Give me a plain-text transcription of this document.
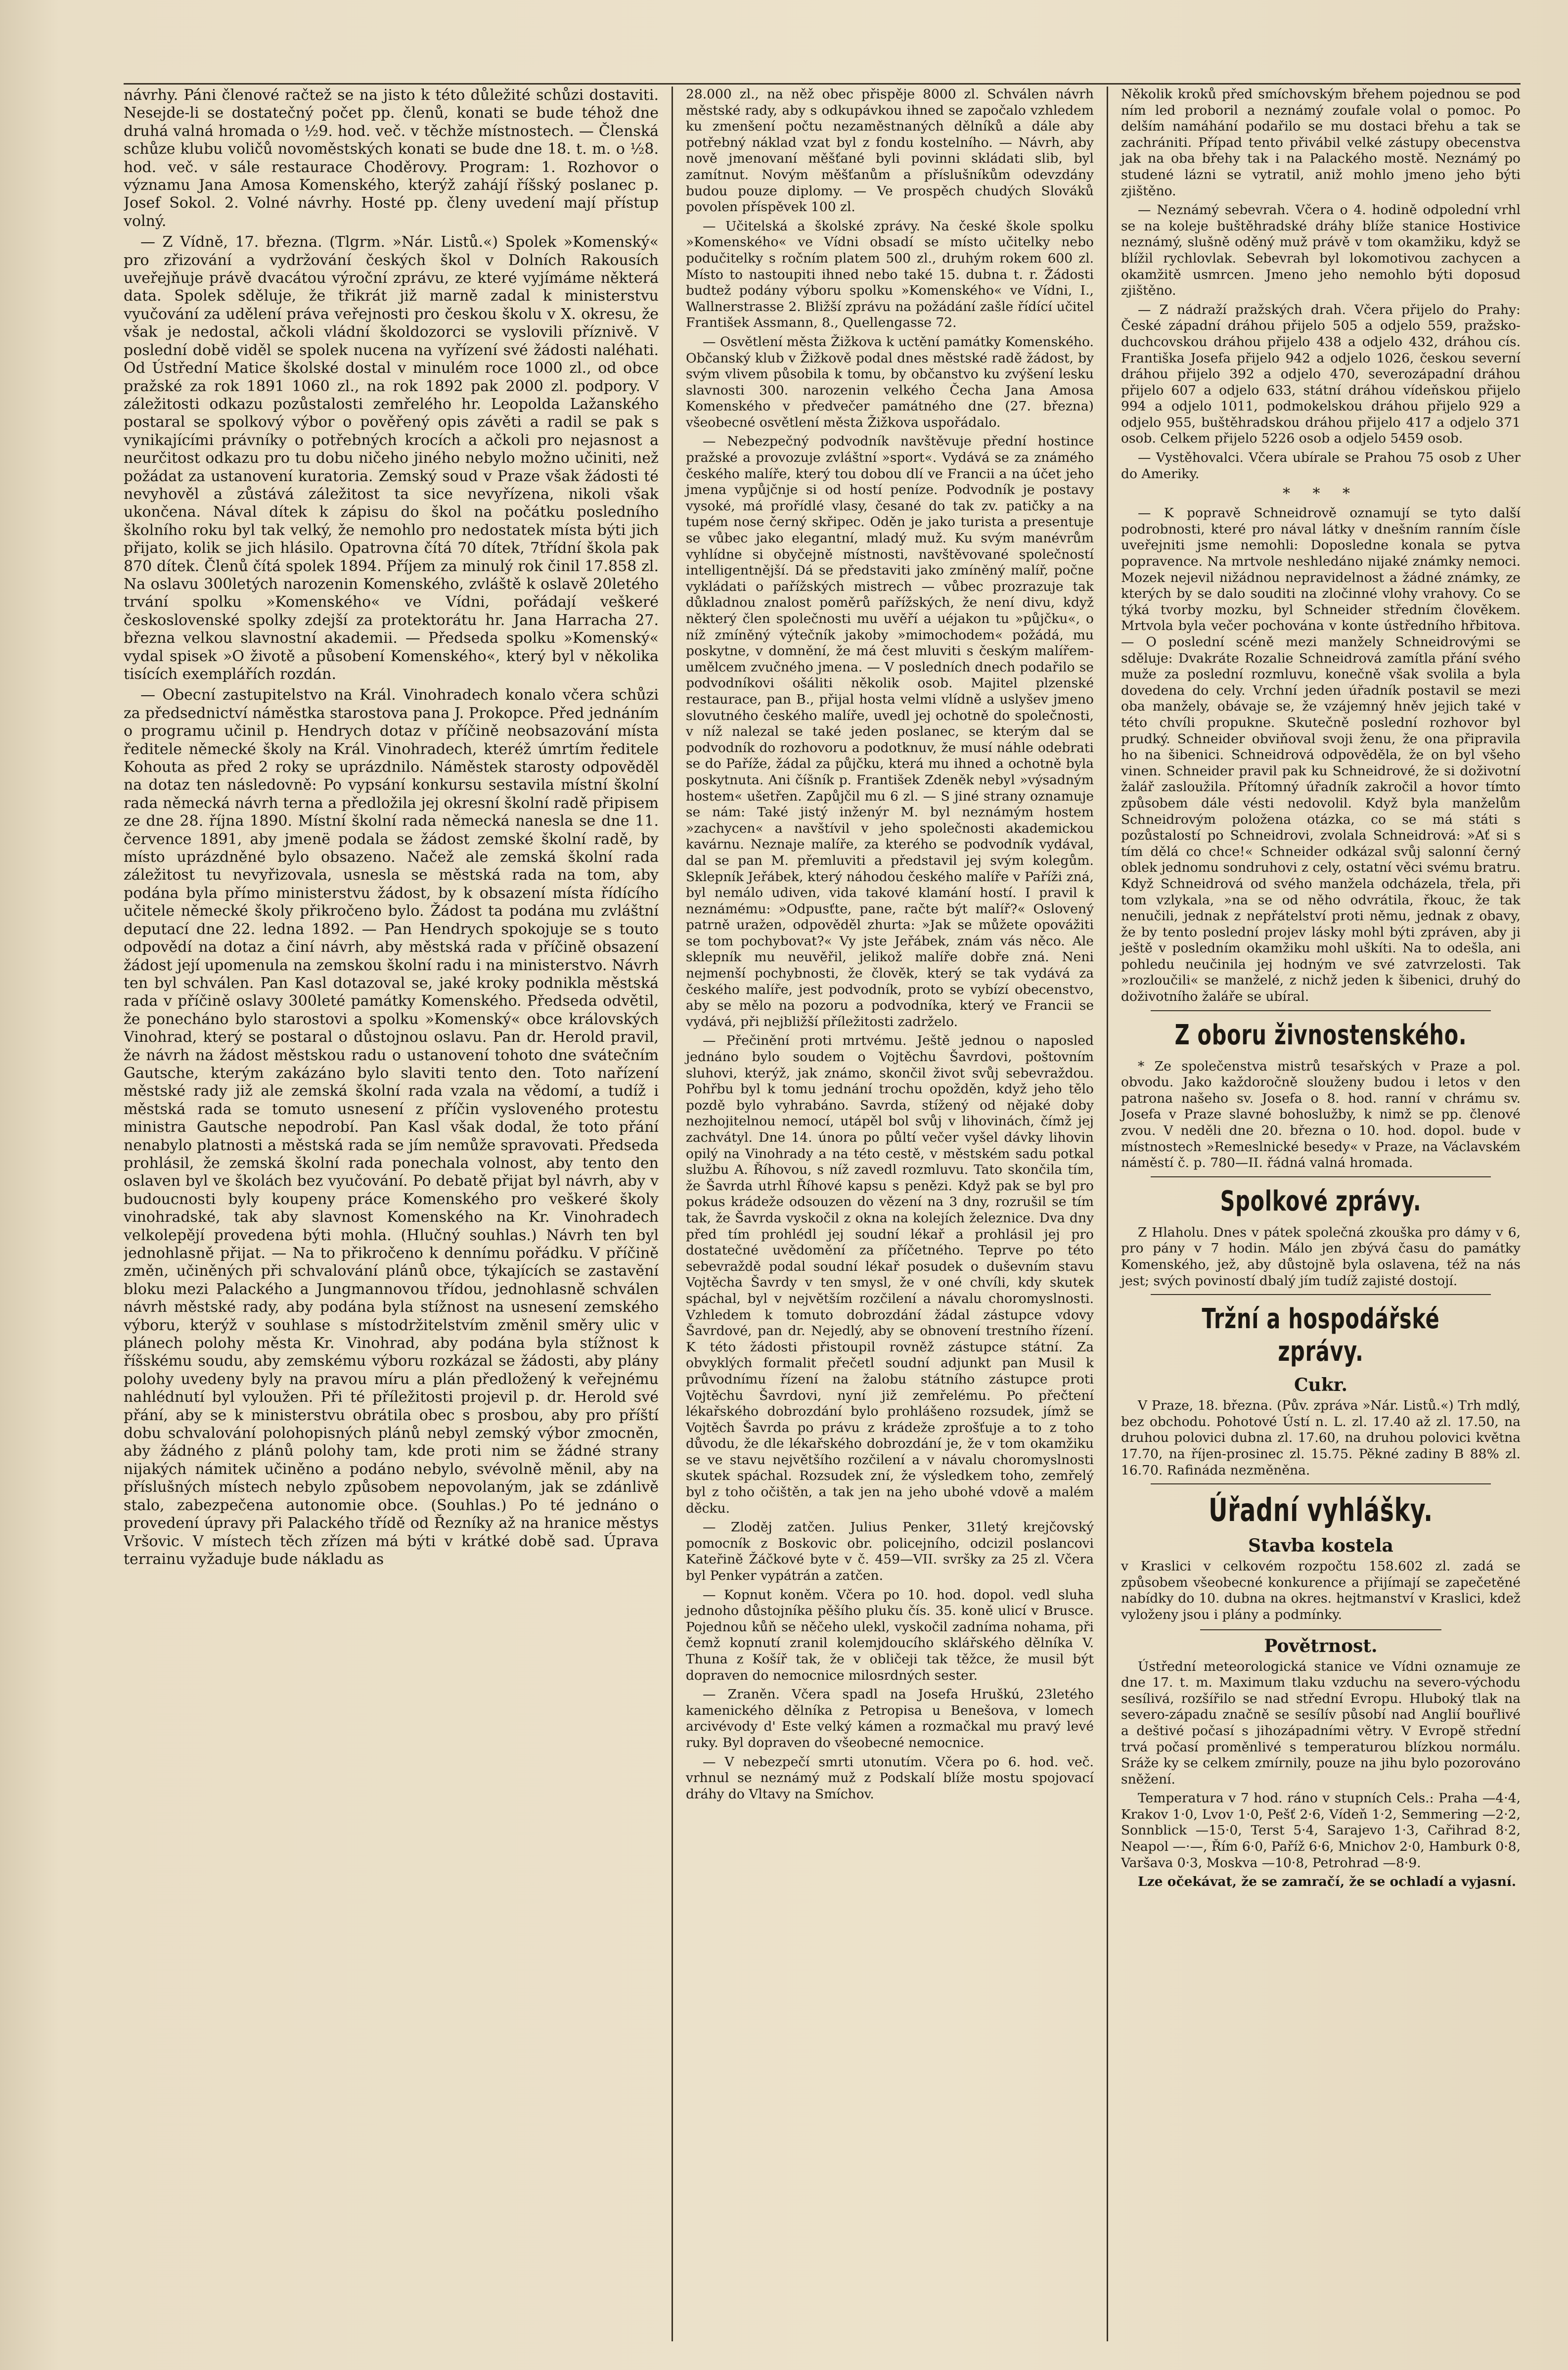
návrhy. Páni členové račtež se na jisto k této důležité schůzi dostaviti. Nesejde-li se dostatečný počet pp. členů, konati se bude téhož dne druhá valná hromada o ½9. hod. več. v těchže místnostech. — Členská schůze klubu voličů novoměstských konati se bude dne 18. t. m. o ½8. hod. več. v sále restaurace Choděrovy. Program: 1. Rozhovor o významu Jana Amosa Komenského, kterýž zahájí říšský poslanec p. Josef Sokol. 2. Volné návrhy. Hosté pp. členy uvedení mají přístup volný.

— Z Vídně, 17. března. (Tlgrm. »Nár. Listů.«) Spolek »Komenský« pro zřizování a vydržování českých škol v Dolních Rakousích uveřejňuje právě dvacátou výroční zprávu, ze které vyjímáme některá data. Spolek sděluje, že třikrát již marně zadal k ministerstvu vyučování za udělení práva veřejnosti pro českou školu v X. okresu, že však je nedostal, ačkoli vládní školdozorci se vyslovili příznivě. V poslední době viděl se spolek nucena na vyřízení své žádosti naléhati. Od Ústřední Matice školské dostal v minulém roce 1000 zl., od obce pražské za rok 1891 1060 zl., na rok 1892 pak 2000 zl. podpory. V záležitosti odkazu pozůstalosti zemřelého hr. Leopolda Lažanského postaral se spolkový výbor o pověřený opis závěti a radil se pak s vynikajícími právníky o potřebných krocích a ačkoli pro nejasnost a neurčitost odkazu pro tu dobu ničeho jiného nebylo možno učiniti, než požádat za ustanovení kuratoria. Zemský soud v Praze však žádosti té nevyhověl a zůstává záležitost ta sice nevyřízena, nikoli však ukončena. Nával dítek k zápisu do škol na počátku posledního školního roku byl tak velký, že nemohlo pro nedostatek místa býti jich přijato, kolik se jich hlásilo. Opatrovna čítá 70 dítek, 7třídní škola pak 870 dítek. Členů čítá spolek 1894. Příjem za minulý rok činil 17.858 zl. Na oslavu 300letých narozenin Komenského, zvláště k oslavě 20letého trvání spolku »Komenského« ve Vídni, pořádají veškeré československé spolky zdejší za protektorátu hr. Jana Harracha 27. března velkou slavnostní akademii. — Předseda spolku »Komenský« vydal spisek »O životě a působení Komenského«, který byl v několika tisících exemplářích rozdán.

— Obecní zastupitelstvo na Král. Vinohradech konalo včera schůzi za předsednictví náměstka starostova pana J. Prokopce. Před jednáním o programu učinil p. Hendrych dotaz v příčině neobsazování místa ředitele německé školy na Král. Vinohradech, kteréž úmrtím ředitele Kohouta as před 2 roky se uprázdnilo. Náměstek starosty odpověděl na dotaz ten následovně: Po vypsání konkursu sestavila místní školní rada německá návrh terna a předložila jej okresní školní radě připisem ze dne 28. října 1890. Místní školní rada německá nanesla se dne 11. července 1891, aby jmenë podala se žádost zemské školní radě, by místo uprázdněné bylo obsazeno. Načež ale zemská školní rada záležitost tu nevyřizovala, usnesla se městská rada na tom, aby podána byla přímo ministerstvu žádost, by k obsazení místa řídícího učitele německé školy přikročeno bylo. Žádost ta podána mu zvláštní deputací dne 22. ledna 1892. — Pan Hendrych spokojuje se s touto odpovědí na dotaz a činí návrh, aby městská rada v příčině obsazení žádost její upomenula na zemskou školní radu i na ministerstvo. Návrh ten byl schválen. Pan Kasl dotazoval se, jaké kroky podnikla městská rada v příčině oslavy 300leté památky Komenského. Předseda odvětil, že ponecháno bylo starostovi a spolku »Komenský« obce královských Vinohrad, který se postaral o důstojnou oslavu. Pan dr. Herold pravil, že návrh na žádost městskou radu o ustanovení tohoto dne svátečním Gautsche, kterým zakázáno bylo slaviti tento den. Toto nařízení městské rady již ale zemská školní rada vzala na vědomí, a tudíž i městská rada se tomuto usnesení z příčin vysloveného protestu ministra Gautsche nepodrobí. Pan Kasl však dodal, že toto přání nenabylo platnosti a městská rada se jím nemůže spravovati. Předseda prohlásil, že zemská školní rada ponechala volnost, aby tento den oslaven byl ve školách bez vyučování. Po debatě přijat byl návrh, aby v budoucnosti byly koupeny práce Komenského pro veškeré školy vinohradské, tak aby slavnost Komenského na Kr. Vinohradech velkolepějí provedena býti mohla. (Hlučný souhlas.) Návrh ten byl jednohlasně přijat. — Na to přikročeno k dennímu pořádku. V příčině změn, učiněných při schvalování plánů obce, týkajících se zastavění bloku mezi Palackého a Jungmannovou třídou, jednohlasně schválen návrh městské rady, aby podána byla stížnost na usnesení zemského výboru, kterýž v souhlase s místodržitelstvím změnil směry ulic v plánech polohy města Kr. Vinohrad, aby podána byla stížnost k říšskému soudu, aby zemskému výboru rozkázal se žádosti, aby plány polohy uvedeny byly na pravou míru a plán předložený k veřejnému nahlédnutí byl vyloužen. Při té příležitosti projevil p. dr. Herold své přání, aby se k ministerstvu obrátila obec s prosbou, aby pro příští dobu schvalování polohopisných plánů nebyl zemský výbor zmocněn, aby žádného z plánů polohy tam, kde proti nim se žádné strany nijakých námitek učiněno a podáno nebylo, svévolně měnil, aby na příslušných místech nebylo způsobem nepovolaným, jak se zdánlivě stalo, zabezpečena autonomie obce. (Souhlas.) Po té jednáno o provedení úpravy při Palackého třídě od Řezníky až na hranice městys Vršovic. V místech těch zřízen má býti v krátké době sad. Úprava terrainu vyžaduje bude nákladu as

28.000 zl., na něž obec přispěje 8000 zl. Schválen návrh městské rady, aby s odkupávkou ihned se započalo vzhledem ku zmenšení počtu nezaměstnaných dělníků a dále aby potřebný náklad vzat byl z fondu kostelního. — Návrh, aby nově jmenovaní měšťané byli povinni skládati slib, byl zamítnut. Novým měšťanům a příslušníkům odevzdány budou pouze diplomy. — Ve prospěch chudých Slováků povolen příspěvek 100 zl.

— Učitelská a školské zprávy. Na české škole spolku »Komenského« ve Vídni obsadí se místo učitelky nebo podučitelky s ročním platem 500 zl., druhým rokem 600 zl. Místo to nastoupiti ihned nebo také 15. dubna t. r. Žádosti budtež podány výboru spolku »Komenského« ve Vídni, I., Wallnerstrasse 2. Bližší zprávu na požádání zašle řídící učitel František Assmann, 8., Quellengasse 72.

— Osvětlení města Žižkova k uctění památky Komenského. Občanský klub v Žižkově podal dnes městské radě žádost, by svým vlivem působila k tomu, by občanstvo ku zvýšení lesku slavnosti 300. narozenin velkého Čecha Jana Amosa Komenského v předvečer památného dne (27. března) všeobecné osvětlení města Žižkova uspořádalo.

— Nebezpečný podvodník navštěvuje přední hostince pražské a provozuje zvláštní »sport«. Vydává se za známého českého malíře, který tou dobou dlí ve Francii a na účet jeho jmena vypůjčnje si od hostí peníze. Podvodník je postavy vysoké, má prořídlé vlasy, česané do tak zv. patičky a na tupém nose černý skřipec. Oděn je jako turista a presentuje se vůbec jako elegantní, mladý muž. Ku svým manévrům vyhlídne si obyčejně místnosti, navštěvované společností intelligentnější. Dá se představiti jako zmíněný malíř, počne vykládati o pařížských mistrech — vůbec prozrazuje tak důkladnou znalost poměrů pařížských, že není divu, když některý člen společnosti mu uvěří a uéjakon tu »půjčku«, o níž zmíněný výtečník jakoby »mimochodem« požádá, mu poskytne, v domnění, že má čest mluviti s českým malířem-umělcem zvučného jmena. — V posledních dnech podařilo se podvodníkovi ošáliti několik osob. Majitel plzenské restaurace, pan B., přijal hosta velmi vlídně a uslyšev jmeno slovutného českého malíře, uvedl jej ochotně do společnosti, v níž nalezal se také jeden poslanec, se kterým dal se podvodník do rozhovoru a podotknuv, že musí náhle odebrati se do Paříže, žádal za půjčku, která mu ihned a ochotně byla poskytnuta. Ani číšník p. František Zdeněk nebyl »výsadným hostem« ušetřen. Zapůjčil mu 6 zl. — S jiné strany oznamuje se nám: Také jistý inženýr M. byl neznámým hostem »zachycen« a navštívil v jeho společnosti akademickou kavárnu. Neznaje malíře, za kterého se podvodník vydával, dal se pan M. přemluviti a představil jej svým kolegům. Sklepník Jeřábek, který náhodou českého malíře v Paříži zná, byl nemálo udiven, vida takové klamání hostí. I pravil k neznámému: »Odpusťte, pane, račte být malíř?« Oslovený patrně uražen, odpověděl zhurta: »Jak se můžete opovážiti se tom pochybovat?« Vy jste Jeřábek, znám vás něco. Ale sklepník mu neuvěřil, jelikož malíře dobře zná. Neni nejmenší pochybnosti, že člověk, který se tak vydává za českého malíře, jest podvodník, proto se vybízí obecenstvo, aby se mělo na pozoru a podvodníka, který ve Francii se vydává, při nejbližší příležitosti zadrželo.

— Přečinění proti mrtvému. Ještě jednou o naposled jednáno bylo soudem o Vojtěchu Šavrdovi, poštovním sluhovi, kterýž, jak známo, skončil život svůj sebevraždou. Pohřbu byl k tomu jednání trochu opožděn, když jeho tělo pozdě bylo vyhrabáno. Savrda, stížený od nějaké doby nezhojitelnou nemocí, utápěl bol svůj v lihovinách, čímž jej zachvátyl. Dne 14. února po půltí večer vyšel dávky lihovin opilý na Vinohrady a na této cestě, v městském sadu potkal službu A. Říhovou, s níž zavedl rozmluvu. Tato skončila tím, že Šavrda utrhl Říhové kapsu s penězi. Když pak se byl pro pokus krádeže odsouzen do vězení na 3 dny, rozrušil se tím tak, že Šavrda vyskočil z okna na kolejích železnice. Dva dny před tím prohlédl jej soudní lékař a prohlásil jej pro dostatečné uvědomění za příčetného. Teprve po této sebevraždě podal soudní lékař posudek o duševním stavu Vojtěcha Šavrdy v ten smysl, že v oné chvíli, kdy skutek spáchal, byl v největším rozčilení a návalu choromyslnosti. Vzhledem k tomuto dobrozdání žádal zástupce vdovy Šavrdové, pan dr. Nejedlý, aby se obnovení trestního řízení. K této žádosti přistoupil rovněž zástupce státní. Za obvyklých formalit přečetl soudní adjunkt pan Musil k průvodnímu řízení na žalobu státního zástupce proti Vojtěchu Šavrdovi, nyní již zemřelému. Po přečtení lékařského dobrozdání bylo prohlášeno rozsudek, jímž se Vojtěch Šavrda po právu z krádeže zprošťuje a to z toho důvodu, že dle lékařského dobrozdání je, že v tom okamžiku se ve stavu největšího rozčilení a v návalu choromyslnosti skutek spáchal. Rozsudek zní, že výsledkem toho, zemřelý byl z toho očištěn, a tak jen na jeho ubohé vdově a malém děcku.

— Zloděj zatčen. Julius Penker, 31letý krejčovský pomocník z Boskovic obr. policejního, odcizil poslancovi Kateřině Žáčkové byte v č. 459—VII. svršky za 25 zl. Včera byl Penker vypátrán a zatčen.

— Kopnut koněm. Včera po 10. hod. dopol. vedl sluha jednoho důstojníka pěšího pluku čís. 35. koně ulicí v Brusce. Pojednou kůň se něčeho ulekl, vyskočil zadníma nohama, při čemž kopnutí zranil kolemjdoucího sklářského dělníka V. Thuna z Košíř tak, že v obličeji tak těžce, že musil být dopraven do nemocnice milosrdných sester.

— Zraněn. Včera spadl na Josefa Hruškú, 23letého kamenického dělníka z Petropisa u Benešova, v lomech arcivévody d' Este velký kámen a rozmačkal mu pravý levé ruky. Byl dopraven do všeobecné nemocnice.

— V nebezpečí smrti utonutím. Včera po 6. hod. več. vrhnul se neznámý muž z Podskalí blíže mostu spojovací dráhy do Vltavy na Smíchov.

Několik kroků před smíchovským břehem pojednou se pod ním led proboril a neznámý zoufale volal o pomoc. Po delším namáhání podařilo se mu dostaci břehu a tak se zachrániti. Případ tento přivábil velké zástupy obecenstva jak na oba břehy tak i na Palackého mostě. Neznámý po studené lázni se vytratil, aniž mohlo jmeno jeho býti zjištěno.

— Neznámý sebevrah. Včera o 4. hodině odpolední vrhl se na koleje buštěhradské dráhy blíže stanice Hostivice neznámý, slušně oděný muž právě v tom okamžiku, když se blížil rychlovlak. Sebevrah byl lokomotivou zachycen a okamžitě usmrcen. Jmeno jeho nemohlo býti doposud zjištěno.

— Z nádraží pražských drah. Včera přijelo do Prahy: České západní dráhou přijelo 505 a odjelo 559, pražsko-duchcovskou dráhou přijelo 438 a odjelo 432, dráhou cís. Františka Josefa přijelo 942 a odjelo 1026, českou severní dráhou přijelo 392 a odjelo 470, severozápadní dráhou přijelo 607 a odjelo 633, státní dráhou vídeňskou přijelo 994 a odjelo 1011, podmokelskou dráhou přijelo 929 a odjelo 955, buštěhradskou dráhou přijelo 417 a odjelo 371 osob. Celkem přijelo 5226 osob a odjelo 5459 osob.

— Vystěhovalci. Včera ubírale se Prahou 75 osob z Uher do Ameriky.

* * *

— K popravě Schneidrově oznamují se tyto další podrobnosti, které pro nával látky v dnešním ranním čísle uveřejniti jsme nemohli: Doposledne konala se pytva popravence. Na mrtvole neshledáno nijaké známky nemoci. Mozek nejevil nižádnou nepravidelnost a žádné známky, ze kterých by se dalo souditi na zločinné vlohy vrahovy. Co se týká tvorby mozku, byl Schneider středním člověkem. Mrtvola byla večer pochována v konte ústředního hřbitova. — O poslední scéně mezi manžely Schneidrovými se sděluje: Dvakráte Rozalie Schneidrová zamítla přání svého muže za poslední rozmluvu, konečně však svolila a byla dovedena do cely. Vrchní jeden úřadník postavil se mezi oba manžely, obávaje se, že vzájemný hněv jejich také v této chvíli propukne. Skutečně poslední rozhovor byl prudký. Schneider obviňoval svoji ženu, že ona připravila ho na šibenici. Schneidrová odpověděla, že on byl všeho vinen. Schneider pravil pak ku Schneidrové, že si doživotní žalář zasloužila. Přítomný úřadník zakročil a hovor tímto způsobem dále vésti nedovolil. Když byla manželům Schneidrovým položena otázka, co se má státi s pozůstalostí po Schneidrovi, zvolala Schneidrová: »Ať si s tím dělá co chce!« Schneider odkázal svůj salonní černý oblek jednomu sondruhovi z cely, ostatní věci svému bratru. Když Schneidrová od svého manžela odcházela, třela, při tom vzlykala, »na se od něho odvrátila, řkouc, že tak nenučili, jednak z nepřátelství proti němu, jednak z obavy, že by tento poslední projev lásky mohl býti zpráven, aby ji ještě v posledním okamžiku mohl uškíti. Na to odešla, ani pohledu neučinila jej hodným ve své zatvrzelosti. Tak »rozloučili« se manželé, z nichž jeden k šibenici, druhý do doživotního žaláře se ubíral.

Z oboru živnostenského.

* Ze společenstva mistrů tesařských v Praze a pol. obvodu. Jako každoročně slouženy budou i letos v den patrona našeho sv. Josefa o 8. hod. ranní v chrámu sv. Josefa v Praze slavné bohoslužby, k nimž se pp. členové zvou. V neděli dne 20. března o 10. hod. dopol. bude v místnostech »Remeslnické besedy« v Praze, na Václavském náměstí č. p. 780—II. řádná valná hromada.

Spolkové zprávy.

Z Hlaholu. Dnes v pátek společná zkouška pro dámy v 6, pro pány v 7 hodin. Málo jen zbývá času do památky Komenského, jež, aby důstojně byla oslavena, též na nás jest; svých poviností dbalý jím tudíž zajisté dostojí.

Tržní a hospodářské zprávy.
Cukr.

V Praze, 18. března. (Pův. zpráva »Nár. Listů.«) Trh mdlý, bez obchodu. Pohotové Ústí n. L. zl. 17.40 až zl. 17.50, na druhou polovici dubna zl. 17.60, na druhou polovici května 17.70, na říjen-prosinec zl. 15.75. Pěkné zadiny B 88% zl. 16.70. Rafináda nezměněna.

Úřadní vyhlášky.
Stavba kostela

v Kraslici v celkovém rozpočtu 158.602 zl. zadá se způsobem všeobecné konkurence a přijímají se zapečetěné nabídky do 10. dubna na okres. hejtmanství v Kraslici, kdež vyloženy jsou i plány a podmínky.

Povětrnost.

Ústřední meteorologická stanice ve Vídni oznamuje ze dne 17. t. m. Maximum tlaku vzduchu na severo-východu sesílivá, rozšířilo se nad střední Evropu. Hluboký tlak na severo-západu značně se sesílív působí nad Anglií bouřlivé a deštivé počasí s jihozápadními větry. V Evropě střední trvá počasí proměnlivé s temperaturou blízkou normálu. Sráže ky se celkem zmírnily, pouze na jihu bylo pozorováno sněžení.

Temperatura v 7 hod. ráno v stupních Cels.: Praha —4·4, Krakov 1·0, Lvov 1·0, Pešť 2·6, Vídeň 1·2, Semmering —2·2, Sonnblick —15·0, Terst 5·4, Sarajevo 1·3, Cařihrad 8·2, Neapol —·—, Řím 6·0, Paříž 6·6, Mnichov 2·0, Hamburk 0·8, Varšava 0·3, Moskva —10·8, Petrohrad —8·9.

Lze očekávat, že se zamračí, že se ochladí a vyjasní.
